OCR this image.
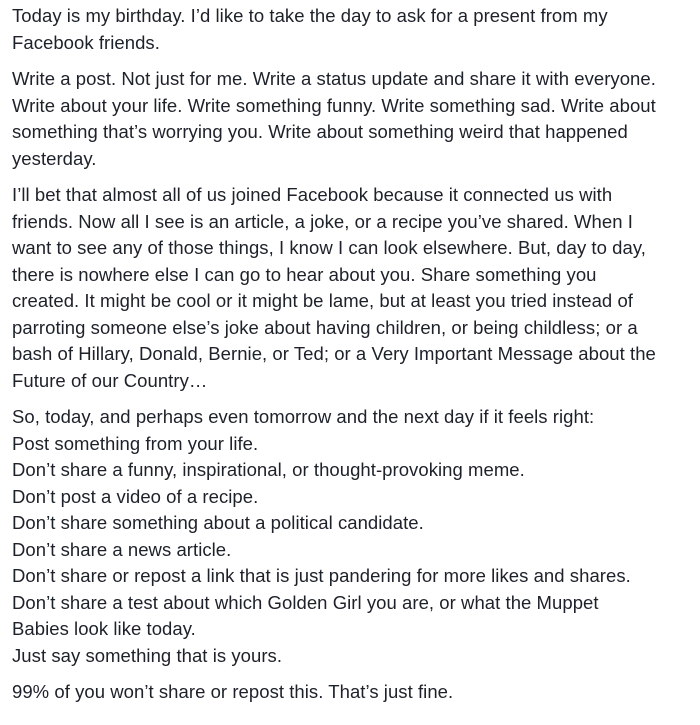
Today is my birthday. I’d like to take the day to ask for a present from my
Facebook friends.

Write a post. Not just for me. Write a status update and share it with everyone.
Write about your life. Write something funny. Write something sad. Write about
something that’s worrying you. Write about something weird that happened
yesterday.

I’ll bet that almost all of us joined Facebook because it connected us with
friends. Now all I see is an article, a joke, or a recipe you’ve shared. When I
want to see any of those things, I know I can look elsewhere. But, day to day,
there is nowhere else I can go to hear about you. Share something you
created. It might be cool or it might be lame, but at least you tried instead of
parroting someone else’s joke about having children, or being childless; or a
bash of Hillary, Donald, Bernie, or Ted; or a Very Important Message about the
Future of our Country…

So, today, and perhaps even tomorrow and the next day if it feels right:
Post something from your life.
Don’t share a funny, inspirational, or thought-provoking meme.
Don’t post a video of a recipe.
Don’t share something about a political candidate.
Don’t share a news article.
Don’t share or repost a link that is just pandering for more likes and shares.
Don’t share a test about which Golden Girl you are, or what the Muppet
Babies look like today.
Just say something that is yours.

99% of you won’t share or repost this. That’s just fine.
